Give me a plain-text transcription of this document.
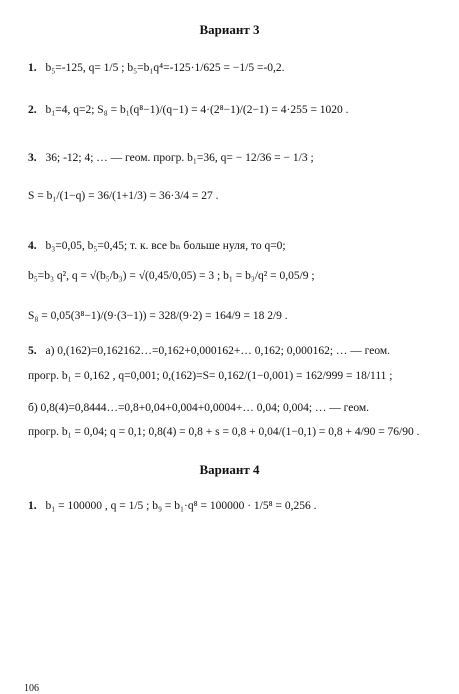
Вариант 3
1. b₅=-125, q= 1/5 ; b₅=b₁q⁴=-125·1/625 = −1/5 =-0,2.
2. b₁=4, q=2; S₈ = b₁(q⁸−1)/(q−1) = 4·(2⁸−1)/(2−1) = 4·255 = 1020 .
3. 36; -12; 4; … — геом. прогр. b₁=36, q= − 12/36 = − 1/3 ;
S = b₁/(1−q) = 36/(1+1/3) = 36·3/4 = 27 .
4. b₃=0,05, b₅=0,45; т. к. все bₙ больше нуля, то q=0;
b₅=b₃ q², q = √(b₅/b₃) = √(0,45/0,05) = 3 ; b₁ = b₃/q² = 0,05/9 ;
S₈ = 0,05(3⁸−1)/(9·(3−1)) = 328/(9·2) = 164/9 = 18 2/9 .
5. а) 0,(162)=0,162162…=0,162+0,000162+… 0,162; 0,000162; … — геом.
прогр. b₁ = 0,162 , q=0,001; 0,(162)=S= 0,162/(1−0,001) = 162/999 = 18/111 ;
б) 0,8(4)=0,8444…=0,8+0,04+0,004+0,0004+… 0,04; 0,004; … — геом.
прогр. b₁ = 0,04; q = 0,1; 0,8(4) = 0,8 + s = 0,8 + 0,04/(1−0,1) = 0,8 + 4/90 = 76/90 .
Вариант 4
1. b₁ = 100000 , q = 1/5 ; b₉ = b₁·q⁸ = 100000 · 1/5⁸ = 0,256 .
106
